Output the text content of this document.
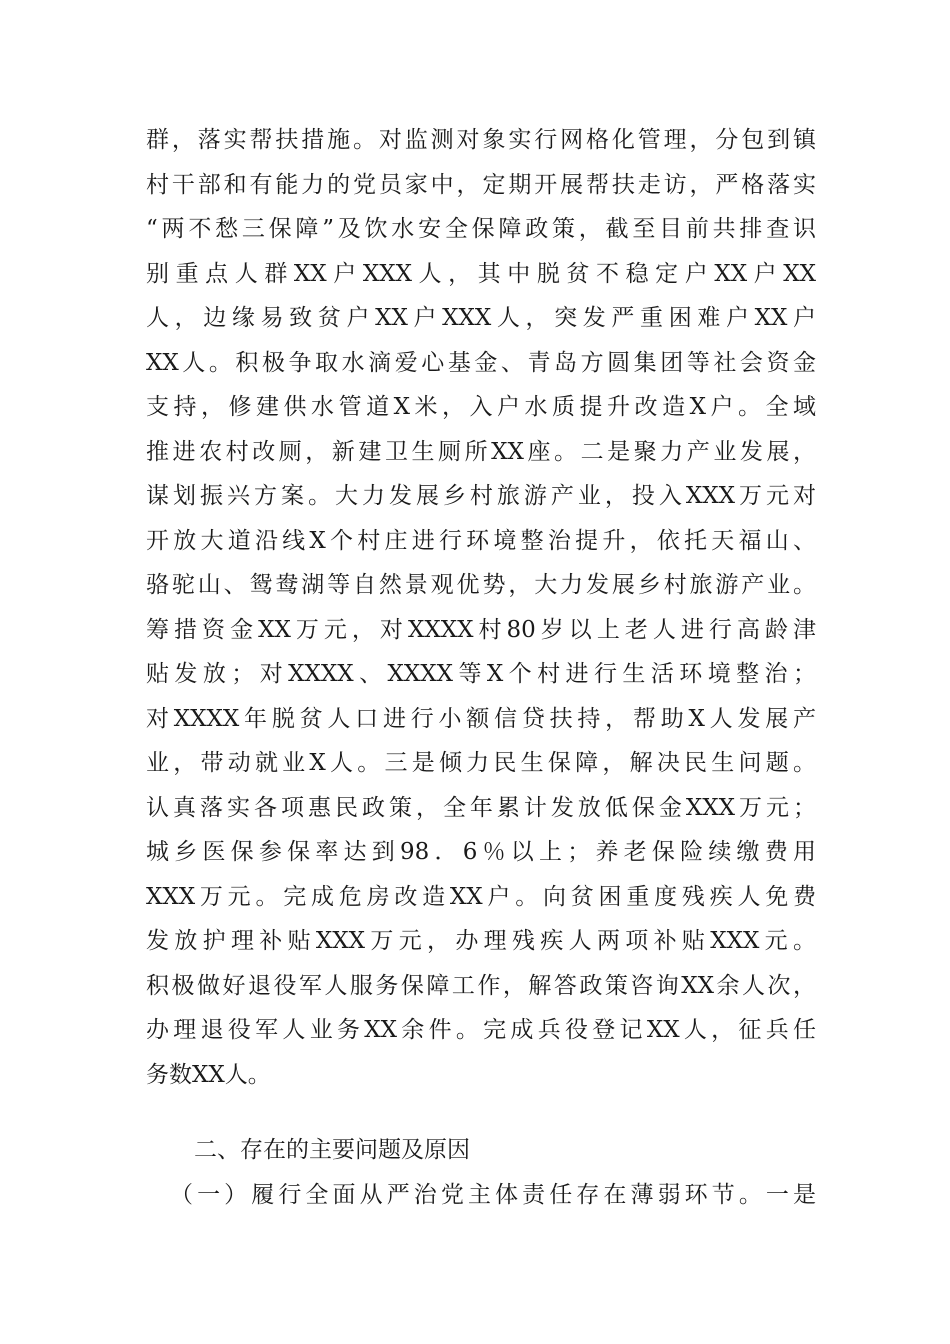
群，落实帮扶措施。对监测对象实行网格化管理，分包到镇
村干部和有能力的党员家中，定期开展帮扶走访，严格落实
“两不愁三保障”及饮水安全保障政策，截至目前共排查识
别重点人群XX户XXX人，其中脱贫不稳定户XX户XX
人，边缘易致贫户XX户XXX人，突发严重困难户XX户
XX人。积极争取水滴爱心基金、青岛方圆集团等社会资金
支持，修建供水管道X米，入户水质提升改造X户。全域
推进农村改厕，新建卫生厕所XX座。二是聚力产业发展，
谋划振兴方案。大力发展乡村旅游产业，投入XXX万元对
开放大道沿线X个村庄进行环境整治提升，依托天福山、
骆驼山、鸳鸯湖等自然景观优势，大力发展乡村旅游产业。
筹措资金XX万元，对XXXX村80岁以上老人进行高龄津
贴发放；对XXXX、XXXX等X个村进行生活环境整治；
对XXXX年脱贫人口进行小额信贷扶持，帮助X人发展产
业，带动就业X人。三是倾力民生保障，解决民生问题。
认真落实各项惠民政策，全年累计发放低保金XXX万元；
城乡医保参保率达到98．6％以上；养老保险续缴费用
XXX万元。完成危房改造XX户。向贫困重度残疾人免费
发放护理补贴XXX万元，办理残疾人两项补贴XXX元。
积极做好退役军人服务保障工作，解答政策咨询XX余人次，
办理退役军人业务XX余件。完成兵役登记XX人，征兵任
务数XX人。
二、存在的主要问题及原因
（一）履行全面从严治党主体责任存在薄弱环节。一是
